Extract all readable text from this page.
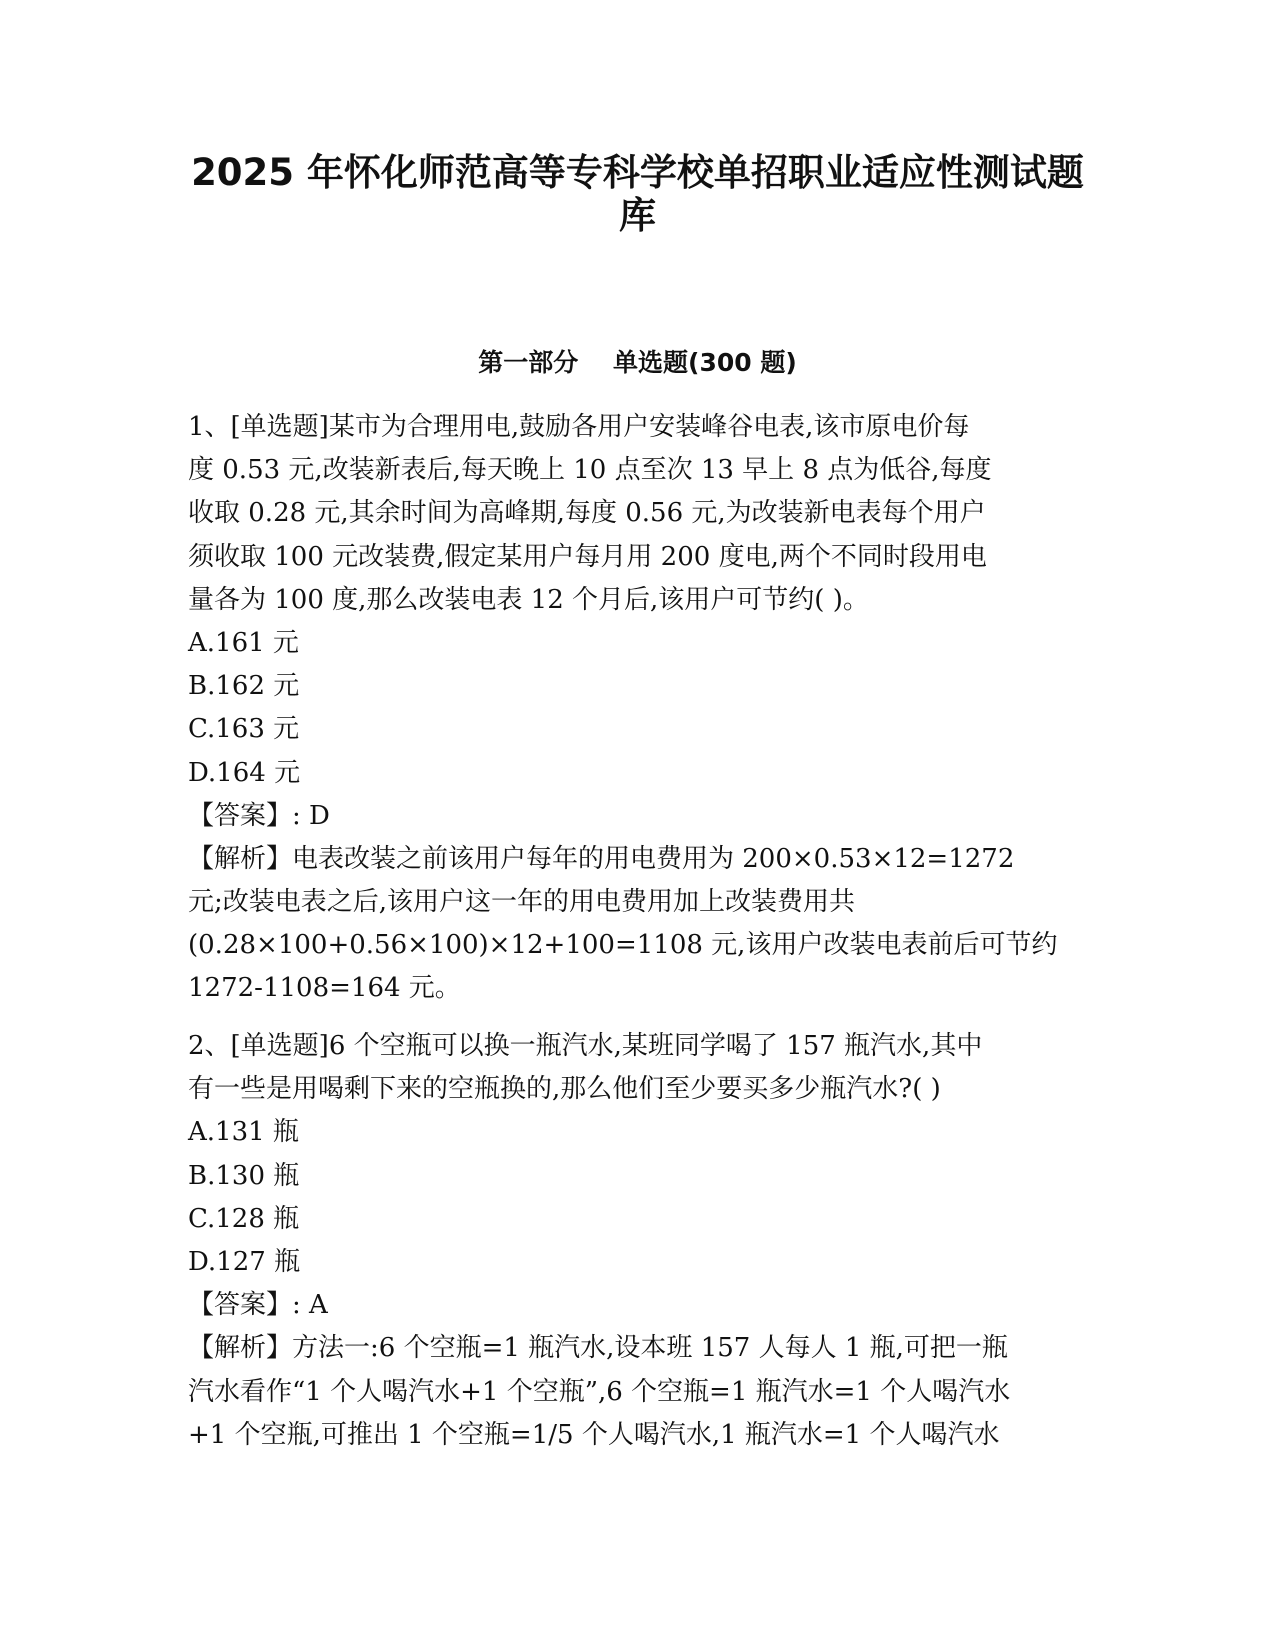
2025 年怀化师范高等专科学校单招职业适应性测试题
库
第一部分    单选题(300 题)
1、[单选题]某市为合理用电,鼓励各用户安装峰谷电表,该市原电价每
度 0.53 元,改装新表后,每天晚上 10 点至次 13 早上 8 点为低谷,每度
收取 0.28 元,其余时间为高峰期,每度 0.56 元,为改装新电表每个用户
须收取 100 元改装费,假定某用户每月用 200 度电,两个不同时段用电
量各为 100 度,那么改装电表 12 个月后,该用户可节约( )。
A.161 元
B.162 元
C.163 元
D.164 元
【答案】: D
【解析】电表改装之前该用户每年的用电费用为 200×0.53×12=1272
元;改装电表之后,该用户这一年的用电费用加上改装费用共
(0.28×100+0.56×100)×12+100=1108 元,该用户改装电表前后可节约
1272-1108=164 元。
2、[单选题]6 个空瓶可以换一瓶汽水,某班同学喝了 157 瓶汽水,其中
有一些是用喝剩下来的空瓶换的,那么他们至少要买多少瓶汽水?( )
A.131 瓶
B.130 瓶
C.128 瓶
D.127 瓶
【答案】: A
【解析】方法一:6 个空瓶=1 瓶汽水,设本班 157 人每人 1 瓶,可把一瓶
汽水看作“1 个人喝汽水+1 个空瓶”,6 个空瓶=1 瓶汽水=1 个人喝汽水
+1 个空瓶,可推出 1 个空瓶=1/5 个人喝汽水,1 瓶汽水=1 个人喝汽水
